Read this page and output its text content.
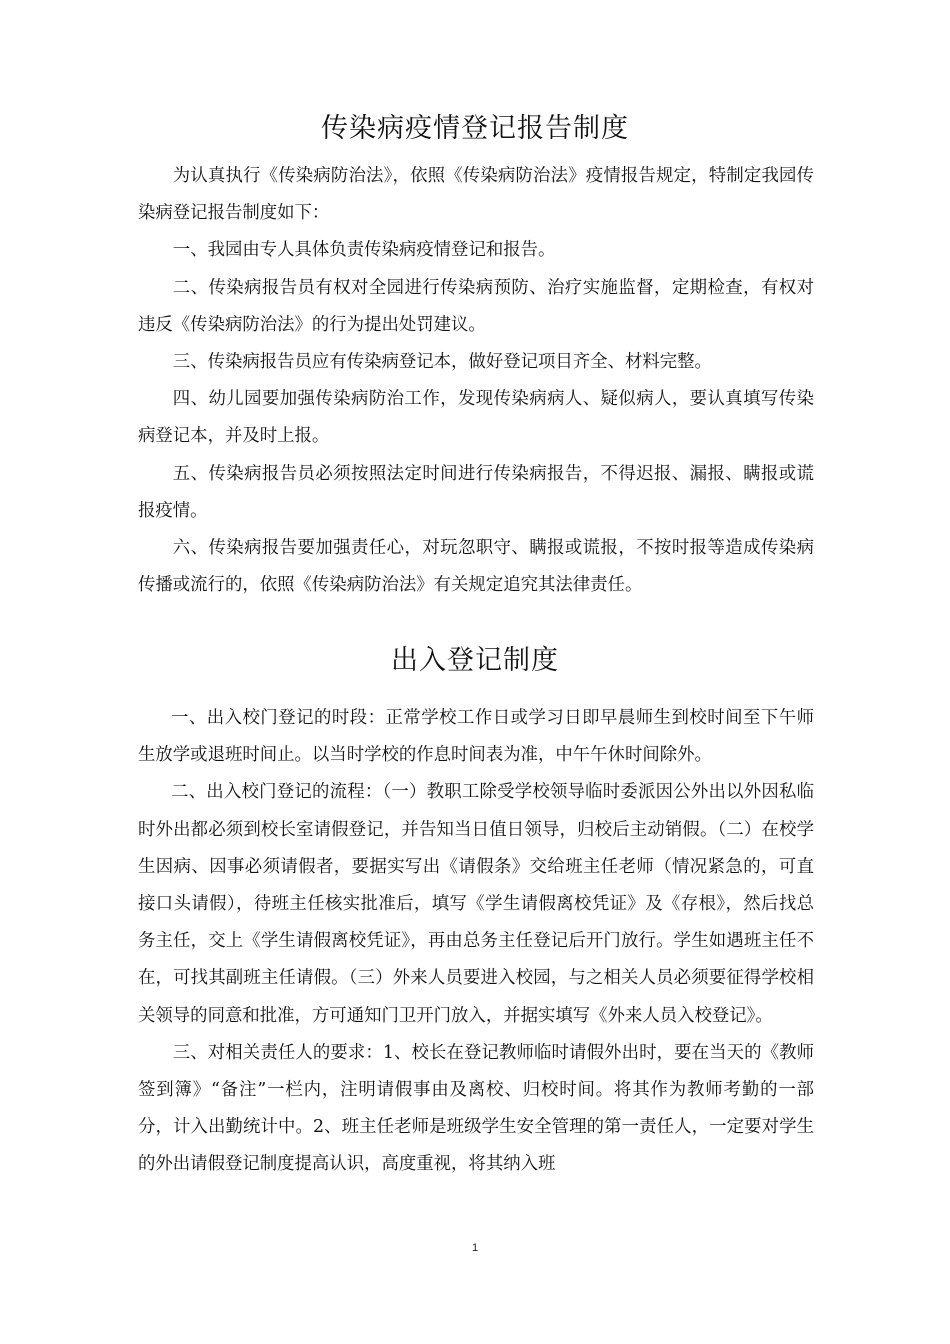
传染病疫情登记报告制度

为认真执行《传染病防治法》，依照《传染病防治法》疫情报告规定，特制定我园传染病登记报告制度如下：

一、我园由专人具体负责传染病疫情登记和报告。

二、传染病报告员有权对全园进行传染病预防、治疗实施监督，定期检查，有权对违反《传染病防治法》的行为提出处罚建议。

三、传染病报告员应有传染病登记本，做好登记项目齐全、材料完整。

四、幼儿园要加强传染病防治工作，发现传染病病人、疑似病人，要认真填写传染病登记本，并及时上报。

五、传染病报告员必须按照法定时间进行传染病报告，不得迟报、漏报、瞒报或谎报疫情。

六、传染病报告要加强责任心，对玩忽职守、瞒报或谎报，不按时报等造成传染病传播或流行的，依照《传染病防治法》有关规定追究其法律责任。

出入登记制度

一、出入校门登记的时段：正常学校工作日或学习日即早晨师生到校时间至下午师生放学或退班时间止。以当时学校的作息时间表为准，中午午休时间除外。

二、出入校门登记的流程：（一）教职工除受学校领导临时委派因公外出以外因私临时外出都必须到校长室请假登记，并告知当日值日领导，归校后主动销假。（二）在校学生因病、因事必须请假者，要据实写出《请假条》交给班主任老师（情况紧急的，可直接口头请假），待班主任核实批准后，填写《学生请假离校凭证》及《存根》，然后找总务主任，交上《学生请假离校凭证》，再由总务主任登记后开门放行。学生如遇班主任不在，可找其副班主任请假。（三）外来人员要进入校园，与之相关人员必须要征得学校相关领导的同意和批准，方可通知门卫开门放入，并据实填写《外来人员入校登记》。

三、对相关责任人的要求：1、校长在登记教师临时请假外出时，要在当天的《教师签到簿》“备注”一栏内，注明请假事由及离校、归校时间。将其作为教师考勤的一部分，计入出勤统计中。2、班主任老师是班级学生安全管理的第一责任人，一定要对学生的外出请假登记制度提高认识，高度重视，将其纳入班

1
